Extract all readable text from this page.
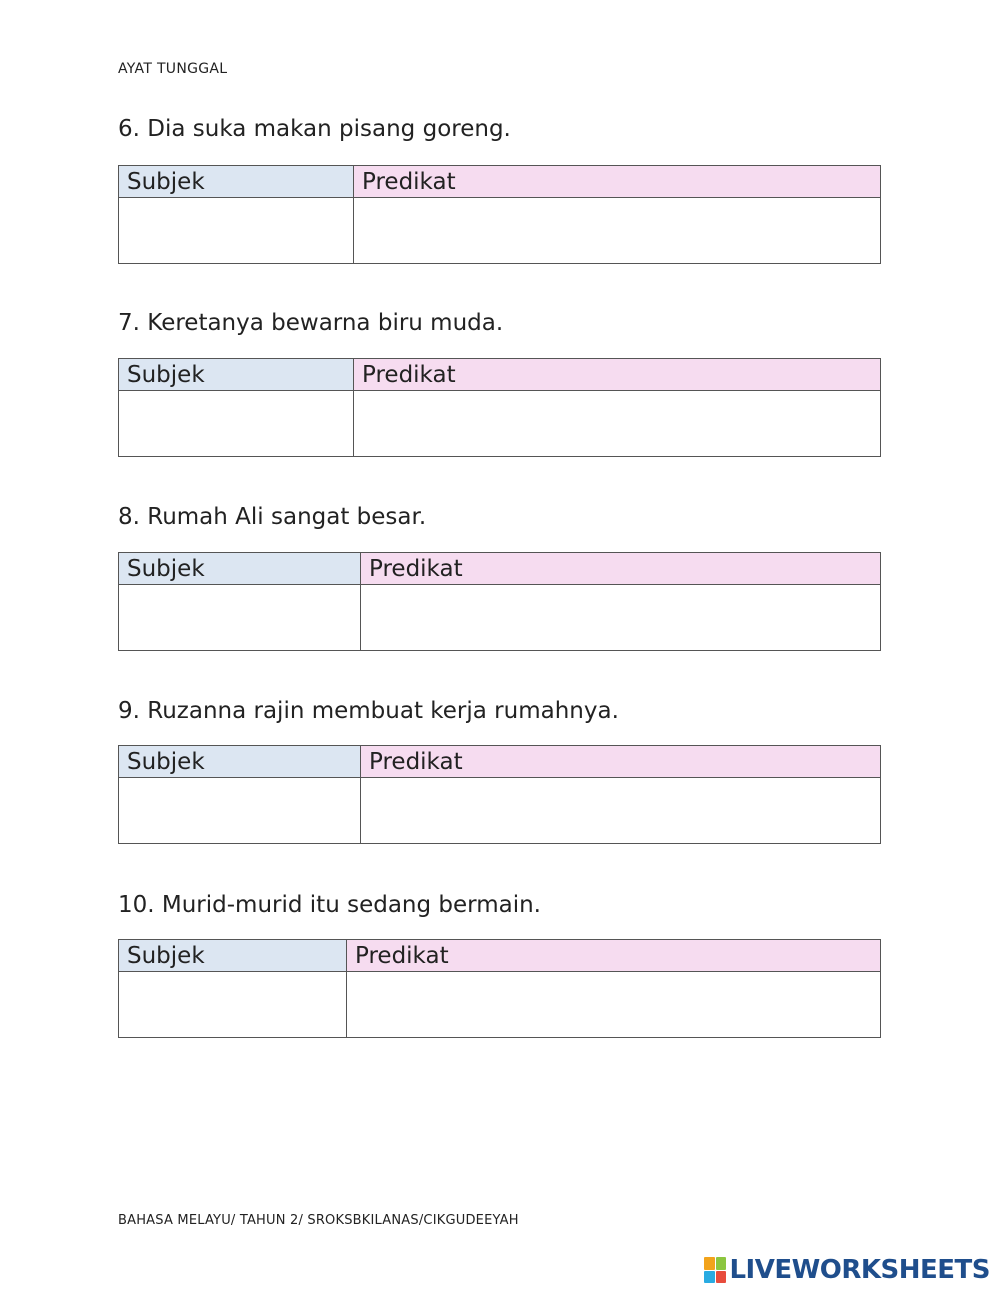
AYAT TUNGGAL
6. Dia suka makan pisang goreng.
Subjek	Predikat
7. Keretanya bewarna biru muda.
Subjek	Predikat
8. Rumah Ali sangat besar.
Subjek	Predikat
9. Ruzanna rajin membuat kerja rumahnya.
Subjek	Predikat
10. Murid-murid itu sedang bermain.
Subjek	Predikat
BAHASA MELAYU/ TAHUN 2/ SROKSBKILANAS/CIKGUDEEYAH
LIVEWORKSHEETS
